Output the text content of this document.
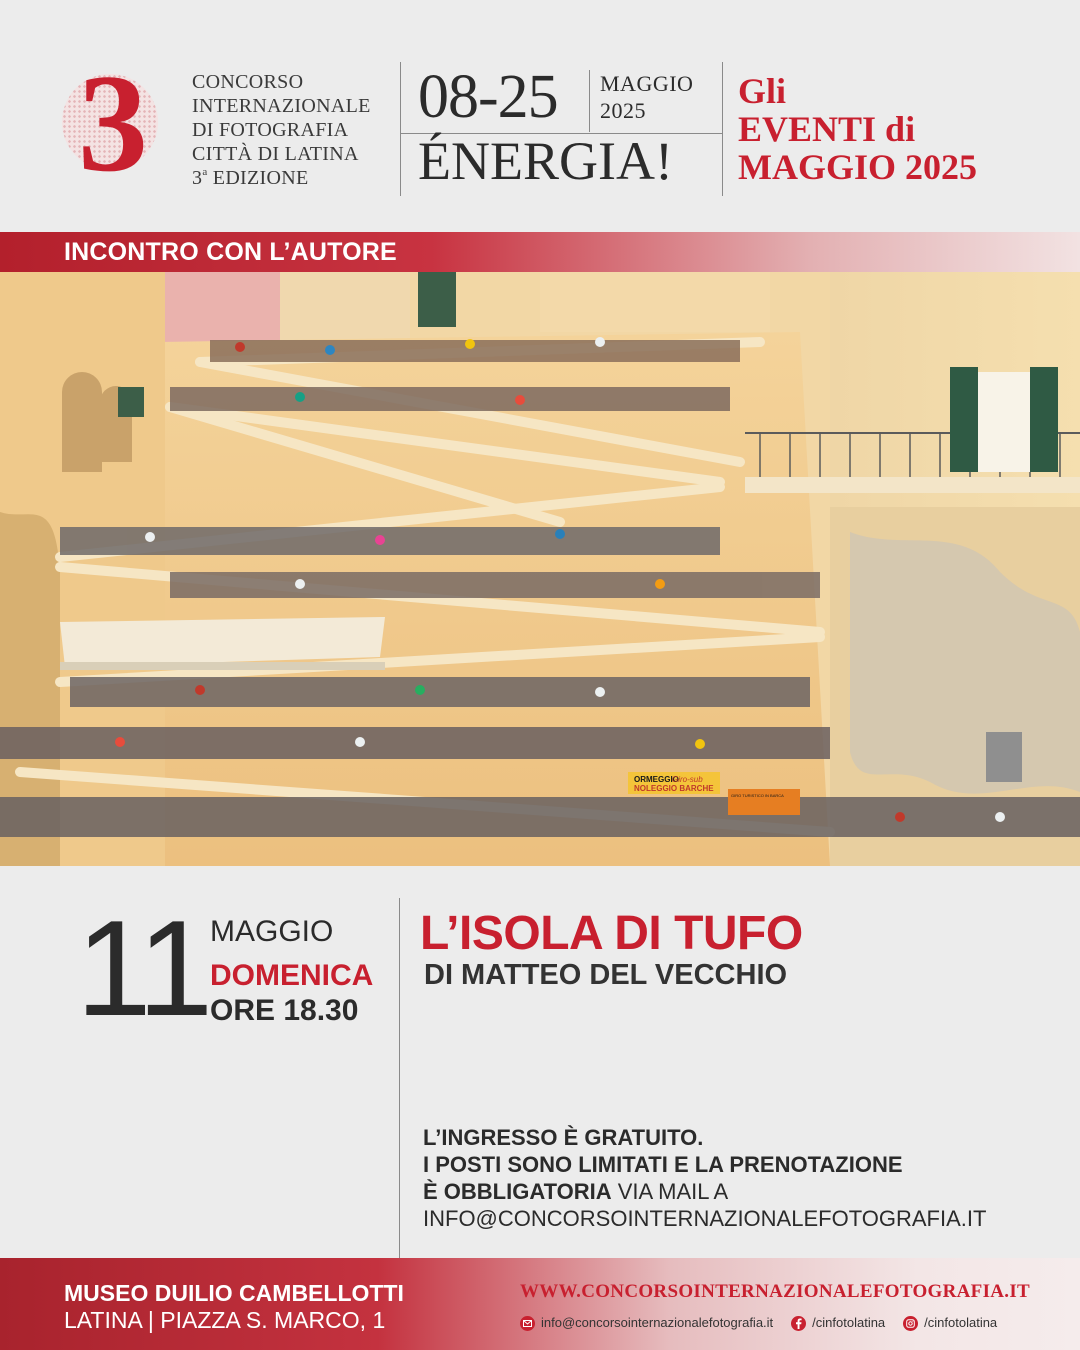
3 CONCORSO
INTERNAZIONALE
DI FOTOGRAFIA
CITTÀ DI LATINA
3$^a$ EDIZIONE
08-25 MAGGIO
2025
ÉNERGIA!
Gli
EVENTI di
MAGGIO 2025
INCONTRO CON L’AUTORE
ORMEGGIO
Giro-sub
NOLEGGIO BARCHE
GIRO TURISTICO IN BARCA
11 MAGGIO
DOMENICA
ORE 18.30
L’ISOLA DI TUFO
DI MATTEO DEL VECCHIO
L’INGRESSO È GRATUITO.
I POSTI SONO LIMITATI E LA PRENOTAZIONE
È OBBLIGATORIA VIA MAIL A
INFO@CONCORSOINTERNAZIONALEFOTOGRAFIA.IT
MUSEO DUILIO CAMBELLOTTI
LATINA | PIAZZA S. MARCO, 1
WWW.CONCORSOINTERNAZIONALEFOTOGRAFIA.IT
info@concorsointernazionalefotografia.it	/cinfotolatina	/cinfotolatina
